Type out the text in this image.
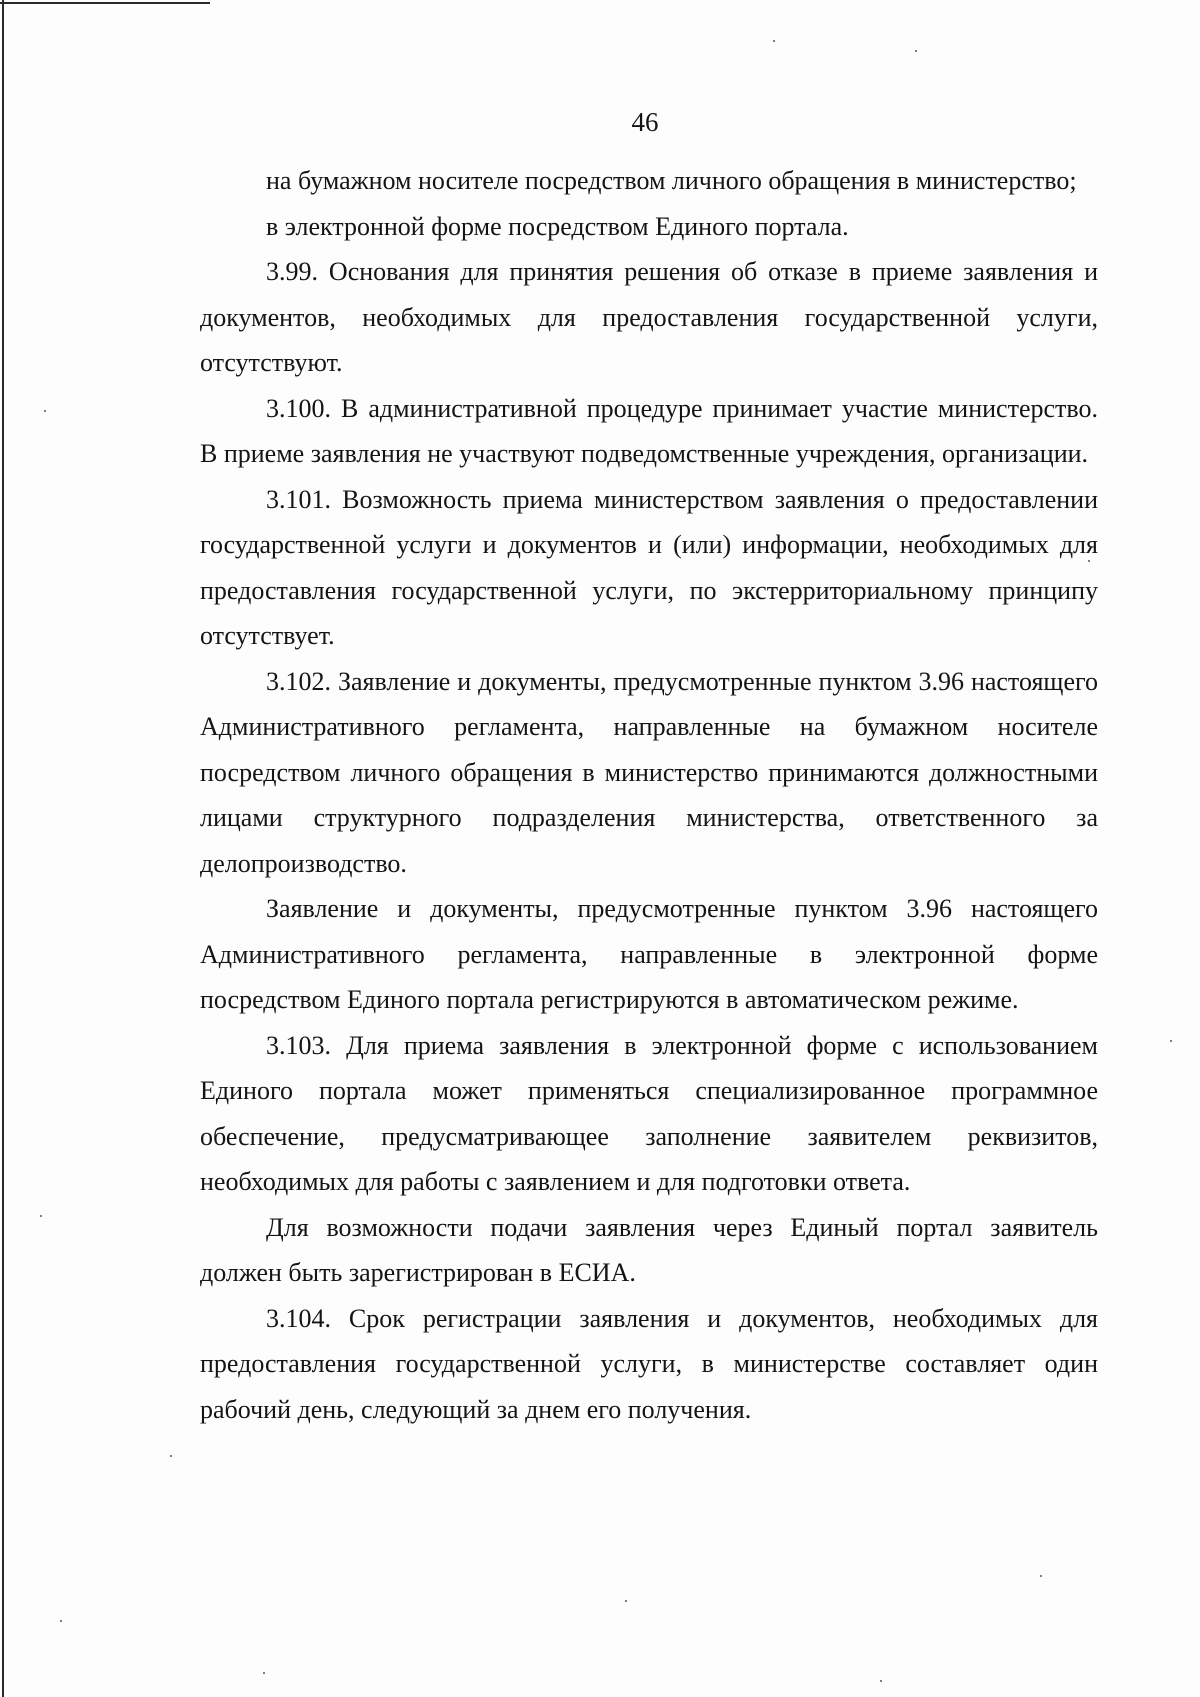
46

на бумажном носителе посредством личного обращения в министерство;

в электронной форме посредством Единого портала.

3.99. Основания для принятия решения об отказе в приеме заявления и документов, необходимых для предоставления государственной услуги, отсутствуют.

3.100. В административной процедуре принимает участие министерство. В приеме заявления не участвуют подведомственные учреждения, организации.

3.101. Возможность приема министерством заявления о предоставлении государственной услуги и документов и (или) информации, необходимых для предоставления государственной услуги, по экстерриториальному принципу отсутствует.

3.102. Заявление и документы, предусмотренные пунктом 3.96 настоящего Административного регламента, направленные на бумажном носителе посредством личного обращения в министерство принимаются должностными лицами структурного подразделения министерства, ответственного за делопроизводство.

Заявление и документы, предусмотренные пунктом 3.96 настоящего Административного регламента, направленные в электронной форме посредством Единого портала регистрируются в автоматическом режиме.

3.103. Для приема заявления в электронной форме с использованием Единого портала может применяться специализированное программное обеспечение, предусматривающее заполнение заявителем реквизитов, необходимых для работы с заявлением и для подготовки ответа.

Для возможности подачи заявления через Единый портал заявитель должен быть зарегистрирован в ЕСИА.

3.104. Срок регистрации заявления и документов, необходимых для предоставления государственной услуги, в министерстве составляет один рабочий день, следующий за днем его получения.
